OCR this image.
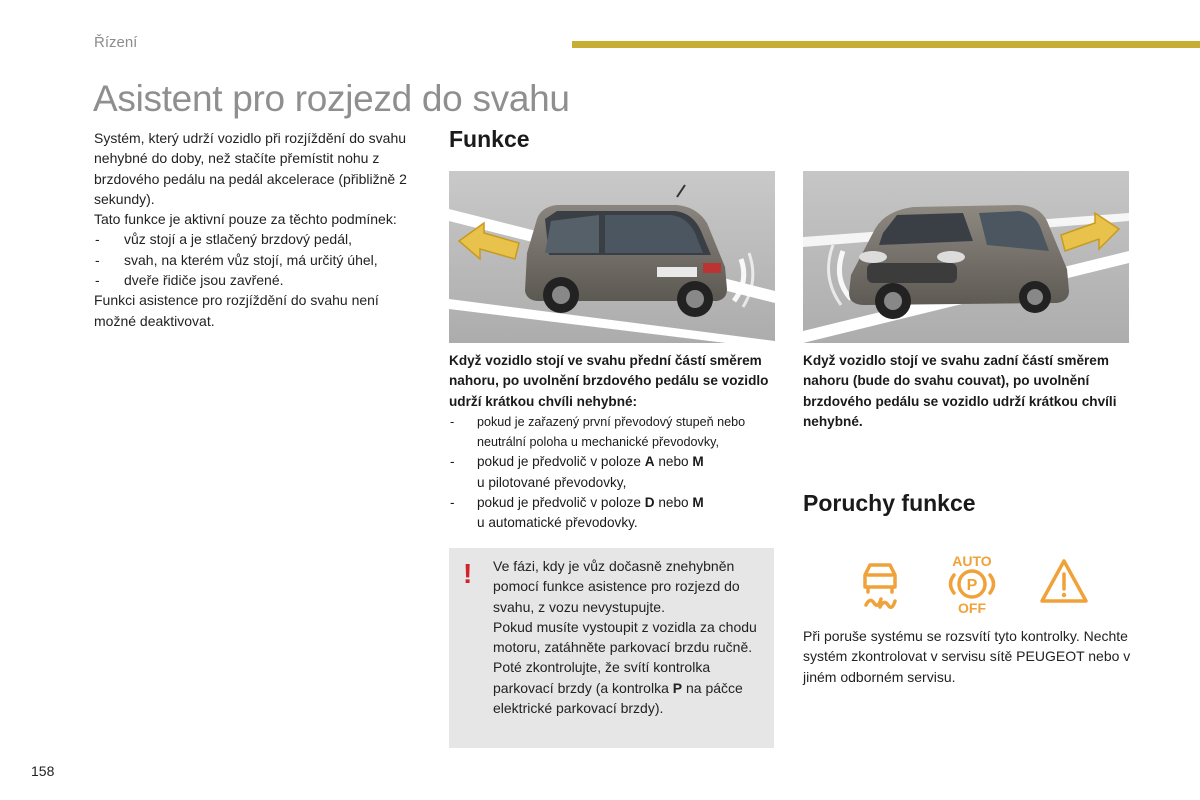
Řízení
Asistent pro rozjezd do svahu
Systém, který udrží vozidlo při rozjíždění do svahu nehybné do doby, než stačíte přemístit nohu z brzdového pedálu na pedál akcelerace (přibližně 2 sekundy).
Tato funkce je aktivní pouze za těchto podmínek:
- vůz stojí a je stlačený brzdový pedál,
- svah, na kterém vůz stojí, má určitý úhel,
- dveře řidiče jsou zavřené.
Funkci asistence pro rozjíždění do svahu není možné deaktivovat.
Funkce
Když vozidlo stojí ve svahu přední částí směrem nahoru, po uvolnění brzdového pedálu se vozidlo udrží krátkou chvíli nehybné:
- pokud je zařazený první převodový stupeň nebo neutrální poloha u mechanické převodovky,
- pokud je předvolič v poloze A nebo M
u pilotované převodovky,
- pokud je předvolič v poloze D nebo M
u automatické převodovky.
Když vozidlo stojí ve svahu zadní částí směrem nahoru (bude do svahu couvat), po uvolnění brzdového pedálu se vozidlo udrží krátkou chvíli nehybné.
! Ve fázi, kdy je vůz dočasně znehybněn pomocí funkce asistence pro rozjezd do svahu, z vozu nevystupujte.
Pokud musíte vystoupit z vozidla za chodu motoru, zatáhněte parkovací brzdu ručně. Poté zkontrolujte, že svítí kontrolka parkovací brzdy (a kontrolka P na páčce elektrické parkovací brzdy).
Poruchy funkce
AUTO
P
OFF
Při poruše systému se rozsvítí tyto kontrolky. Nechte systém zkontrolovat v servisu sítě PEUGEOT nebo v jiném odborném servisu.
158
